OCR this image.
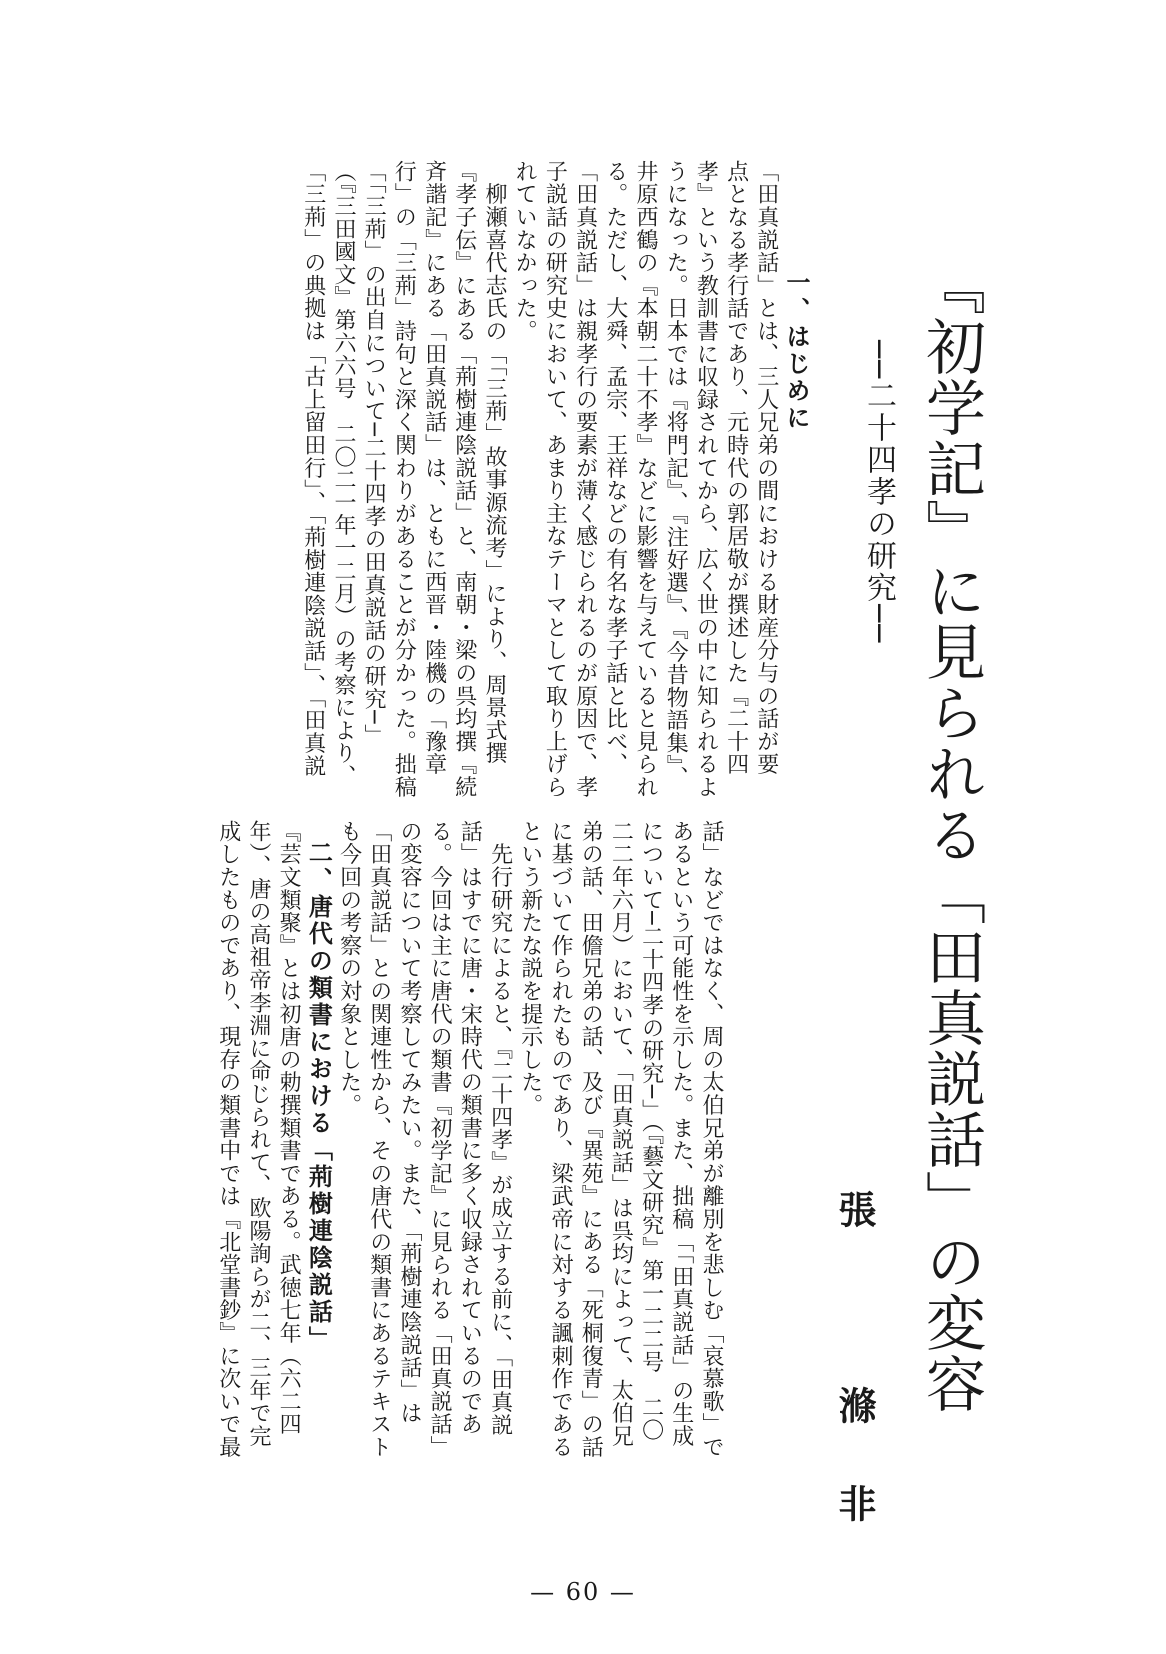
『初学記』に見られる「田真説話」の変容
──二十四孝の研究──
張　滌非

一、はじめに

「田真説話」とは、三人兄弟の間における財産分与の話が要

点となる孝行話であり、元時代の郭居敬が撰述した『二十四

孝』という教訓書に収録されてから、広く世の中に知られるよ

うになった。日本では『将門記』、『注好選』、『今昔物語集』、

井原西鶴の『本朝二十不孝』などに影響を与えていると見られ

る。ただし、大舜、孟宗、王祥などの有名な孝子話と比べ、

「田真説話」は親孝行の要素が薄く感じられるのが原因で、孝

子説話の研究史において、あまり主なテーマとして取り上げら

れていなかった。

　柳瀬喜代志氏の「「三荊」故事源流考」により、周景式撰

『孝子伝』にある「荊樹連陰説話」と、南朝・梁の呉均撰『続

斉諧記』にある「田真説話」は、ともに西晋・陸機の「豫章

行」の「三荊」詩句と深く関わりがあることが分かった。拙稿

「「三荊」の出自について─二十四孝の田真説話の研究─」

（『三田國文』第六六号　二〇二一年一二月）の考察により、

「三荊」の典拠は「古上留田行」、「荊樹連陰説話」、「田真説

話」などではなく、周の太伯兄弟が離別を悲しむ「哀慕歌」で

あるという可能性を示した。また、拙稿「「田真説話」の生成

について─二十四孝の研究─」（『藝文研究』第一二二号　二〇

二二年六月）において、「田真説話」は呉均によって、太伯兄

弟の話、田儋兄弟の話、及び『異苑』にある「死桐復青」の話

に基づいて作られたものであり、梁武帝に対する諷刺作である

という新たな説を提示した。

　先行研究によると、『二十四孝』が成立する前に、「田真説

話」はすでに唐・宋時代の類書に多く収録されているのであ

る。今回は主に唐代の類書『初学記』に見られる「田真説話」

の変容について考察してみたい。また、「荊樹連陰説話」は

「田真説話」との関連性から、その唐代の類書にあるテキスト

も今回の考察の対象とした。

二、唐代の類書における「荊樹連陰説話」

『芸文類聚』とは初唐の勅撰類書である。武徳七年（六二四

年）、唐の高祖帝李淵に命じられて、欧陽詢らが二、三年で完

成したものであり、現存の類書中では『北堂書鈔』に次いで最

— 60 —
